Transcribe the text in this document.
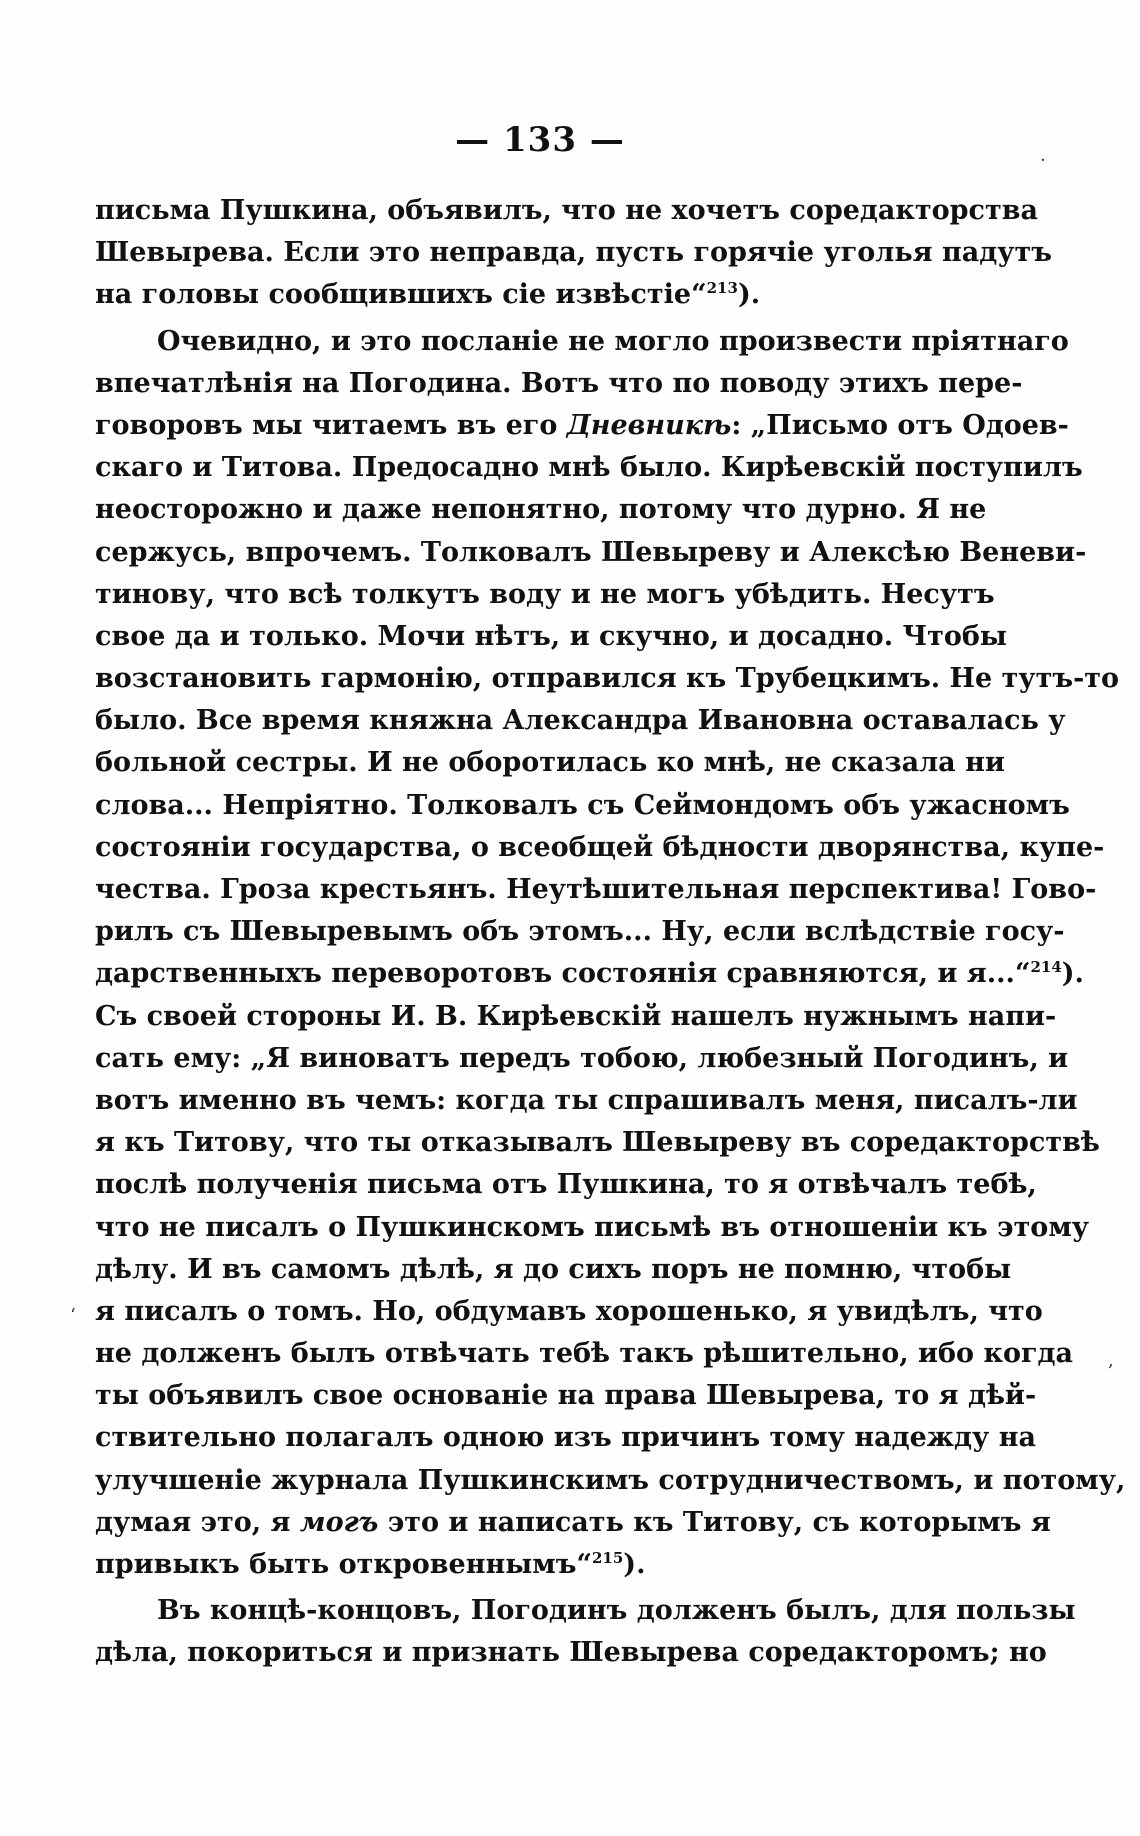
— 133 —
·
‘
,
письма Пушкина, объявилъ, что не хочетъ соредакторства
Шевырева. Если это неправда, пусть горячіе уголья падутъ
на головы сообщившихъ сіе извѣстіе“$^{213}$).
Очевидно, и это посланіе не могло произвести пріятнаго
впечатлѣнія на Погодина. Вотъ что по поводу этихъ пере-
говоровъ мы читаемъ въ его Дневникѣ: „Письмо отъ Одоев-
скаго и Титова. Предосадно мнѣ было. Кирѣевскій поступилъ
неосторожно и даже непонятно, потому что дурно. Я не
сержусь, впрочемъ. Толковалъ Шевыреву и Алексѣю Веневи-
тинову, что всѣ толкутъ воду и не могъ убѣдить. Несутъ
свое да и только. Мочи нѣтъ, и скучно, и досадно. Чтобы
возстановить гармонію, отправился къ Трубецкимъ. Не тутъ-то
было. Все время княжна Александра Ивановна оставалась у
больной сестры. И не оборотилась ко мнѣ, не сказала ни
слова... Непріятно. Толковалъ съ Сеймондомъ объ ужасномъ
состояніи государства, о всеобщей бѣдности дворянства, купе-
чества. Гроза крестьянъ. Неутѣшительная перспектива! Гово-
рилъ съ Шевыревымъ объ этомъ... Ну, если вслѣдствіе госу-
дарственныхъ переворотовъ состоянія сравняются, и я...“$^{214}$).
Съ своей стороны И. В. Кирѣевскій нашелъ нужнымъ напи-
сать ему: „Я виноватъ передъ тобою, любезный Погодинъ, и
вотъ именно въ чемъ: когда ты спрашивалъ меня, писалъ-ли
я къ Титову, что ты отказывалъ Шевыреву въ соредакторствѣ
послѣ полученія письма отъ Пушкина, то я отвѣчалъ тебѣ,
что не писалъ о Пушкинскомъ письмѣ въ отношеніи къ этому
дѣлу. И въ самомъ дѣлѣ, я до сихъ поръ не помню, чтобы
я писалъ о томъ. Но, обдумавъ хорошенько, я увидѣлъ, что
не долженъ былъ отвѣчать тебѣ такъ рѣшительно, ибо когда
ты объявилъ свое основаніе на права Шевырева, то я дѣй-
ствительно полагалъ одною изъ причинъ тому надежду на
улучшеніе журнала Пушкинскимъ сотрудничествомъ, и потому,
думая это, я могъ это и написать къ Титову, съ которымъ я
привыкъ быть откровеннымъ“$^{215}$).
Въ концѣ-концовъ, Погодинъ долженъ былъ, для пользы
дѣла, покориться и признать Шевырева соредакторомъ; но
